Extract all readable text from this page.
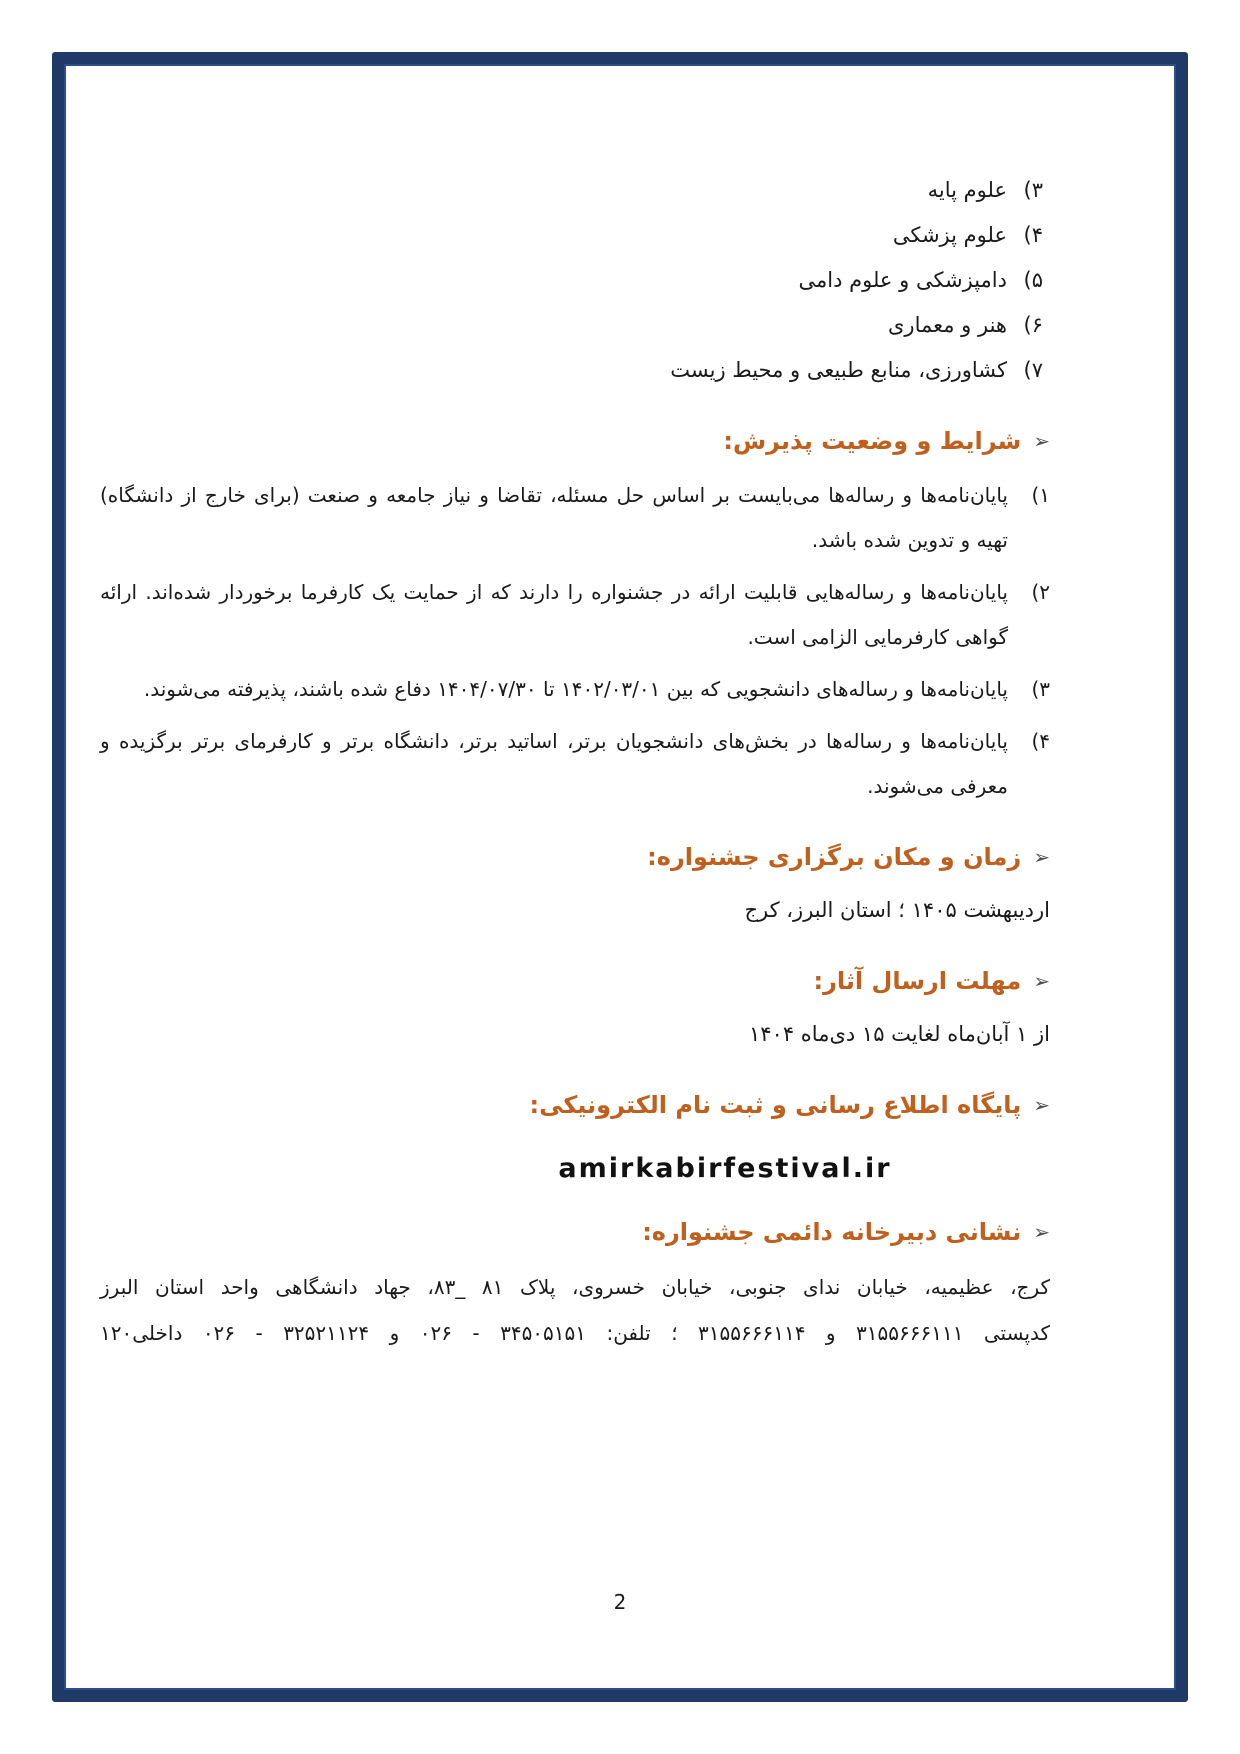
۳)علوم پایه
۴)علوم پزشکی
۵)دامپزشکی و علوم دامی
۶)هنر و معماری
۷)کشاورزی، منابع طبیعی و محیط زیست
➢
شرایط و وضعیت پذیرش:
۱)
پایان‌نامه‌ها و رساله‌ها می‌بایست بر اساس حل مسئله، تقاضا و نیاز جامعه و صنعت (برای خارج از دانشگاه) تهیه و تدوین شده باشد.
۲)
پایان‌نامه‌ها و رساله‌هایی قابلیت ارائه در جشنواره را دارند که از حمایت یک کارفرما برخوردار شده‌اند. ارائه گواهی کارفرمایی الزامی است.
۳)
پایان‌نامه‌ها و رساله‌های دانشجویی که بین ۱۴۰۲/۰۳/۰۱ تا ۱۴۰۴/۰۷/۳۰ دفاع شده باشند، پذیرفته می‌شوند.
۴)
پایان‌نامه‌ها و رساله‌ها در بخش‌های دانشجویان برتر، اساتید برتر، دانشگاه برتر و کارفرمای برتر برگزیده و معرفی می‌شوند.
➢
زمان و مکان برگزاری جشنواره:
اردیبهشت ۱۴۰۵ ؛ استان البرز، کرج
➢
مهلت ارسال آثار:
از ۱ آبان‌ماه لغایت ۱۵ دی‌ماه ۱۴۰۴
➢
پایگاه اطلاع رسانی و ثبت نام الکترونیکی:
amirkabirfestival.ir
➢
نشانی دبیرخانه دائمی جشنواره:
کرج، عظیمیه، خیابان ندای جنوبی، خیابان خسروی، پلاک ۸۱ _۸۳، جهاد دانشگاهی واحد استان البرز
کدپستی ۳۱۵۵۶۶۶۱۱۱ و ۳۱۵۵۶۶۶۱۱۴ ؛ تلفن: ۳۴۵۰۵۱۵۱ - ۰۲۶ و ۳۲۵۲۱۱۲۴ - ۰۲۶ داخلی۱۲۰
2
